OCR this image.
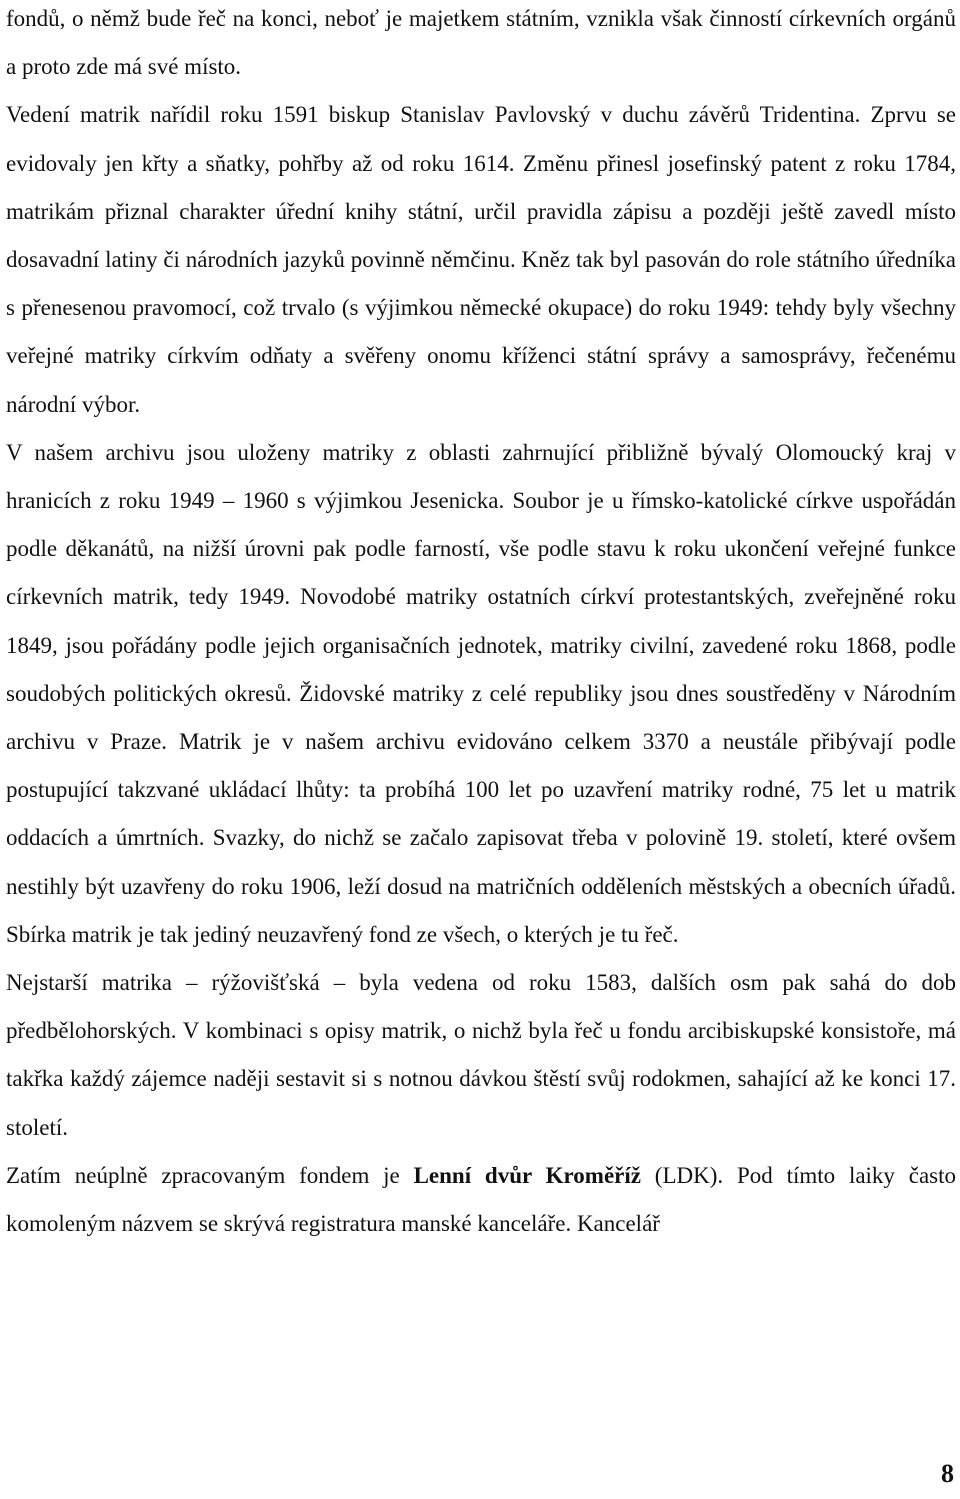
fondů, o němž bude řeč na konci, neboť je majetkem státním, vznikla však činností církevních orgánů a proto zde má své místo.

Vedení matrik nařídil roku 1591 biskup Stanislav Pavlovský v duchu závěrů Tridentina. Zprvu se evidovaly jen křty a sňatky, pohřby až od roku 1614. Změnu přinesl josefinský patent z roku 1784, matrikám přiznal charakter úřední knihy státní, určil pravidla zápisu a později ještě zavedl místo dosavadní latiny či národních jazyků povinně němčinu. Kněz tak byl pasován do role státního úředníka s přenesenou pravomocí, což trvalo (s výjimkou německé okupace) do roku 1949: tehdy byly všechny veřejné matriky církvím odňaty a svěřeny onomu kříženci státní správy a samosprávy, řečenému národní výbor.

V našem archivu jsou uloženy matriky z oblasti zahrnující přibližně bývalý Olomoucký kraj v hranicích z roku 1949 – 1960 s výjimkou Jesenicka. Soubor je u římsko-katolické církve uspořádán podle děkanátů, na nižší úrovni pak podle farností, vše podle stavu k roku ukončení veřejné funkce církevních matrik, tedy 1949. Novodobé matriky ostatních církví protestantských, zveřejněné roku 1849, jsou pořádány podle jejich organisačních jednotek, matriky civilní, zavedené roku 1868, podle soudobých politických okresů. Židovské matriky z celé republiky jsou dnes soustředěny v Národním archivu v Praze. Matrik je v našem archivu evidováno celkem 3370 a neustále přibývají podle postupující takzvané ukládací lhůty: ta probíhá 100 let po uzavření matriky rodné, 75 let u matrik oddacích a úmrtních. Svazky, do nichž se začalo zapisovat třeba v polovině 19. století, které ovšem nestihly být uzavřeny do roku 1906, leží dosud na matričních odděleních městských a obecních úřadů. Sbírka matrik je tak jediný neuzavřený fond ze všech, o kterých je tu řeč.

Nejstarší matrika – rýžovišťská – byla vedena od roku 1583, dalších osm pak sahá do dob předbělohorských. V kombinaci s opisy matrik, o nichž byla řeč u fondu arcibiskupské konsistoře, má takřka každý zájemce naději sestavit si s notnou dávkou štěstí svůj rodokmen, sahající až ke konci 17. století.

Zatím neúplně zpracovaným fondem je Lenní dvůr Kroměříž (LDK). Pod tímto laiky často komoleným názvem se skrývá registratura manské kanceláře. Kancelář

8
